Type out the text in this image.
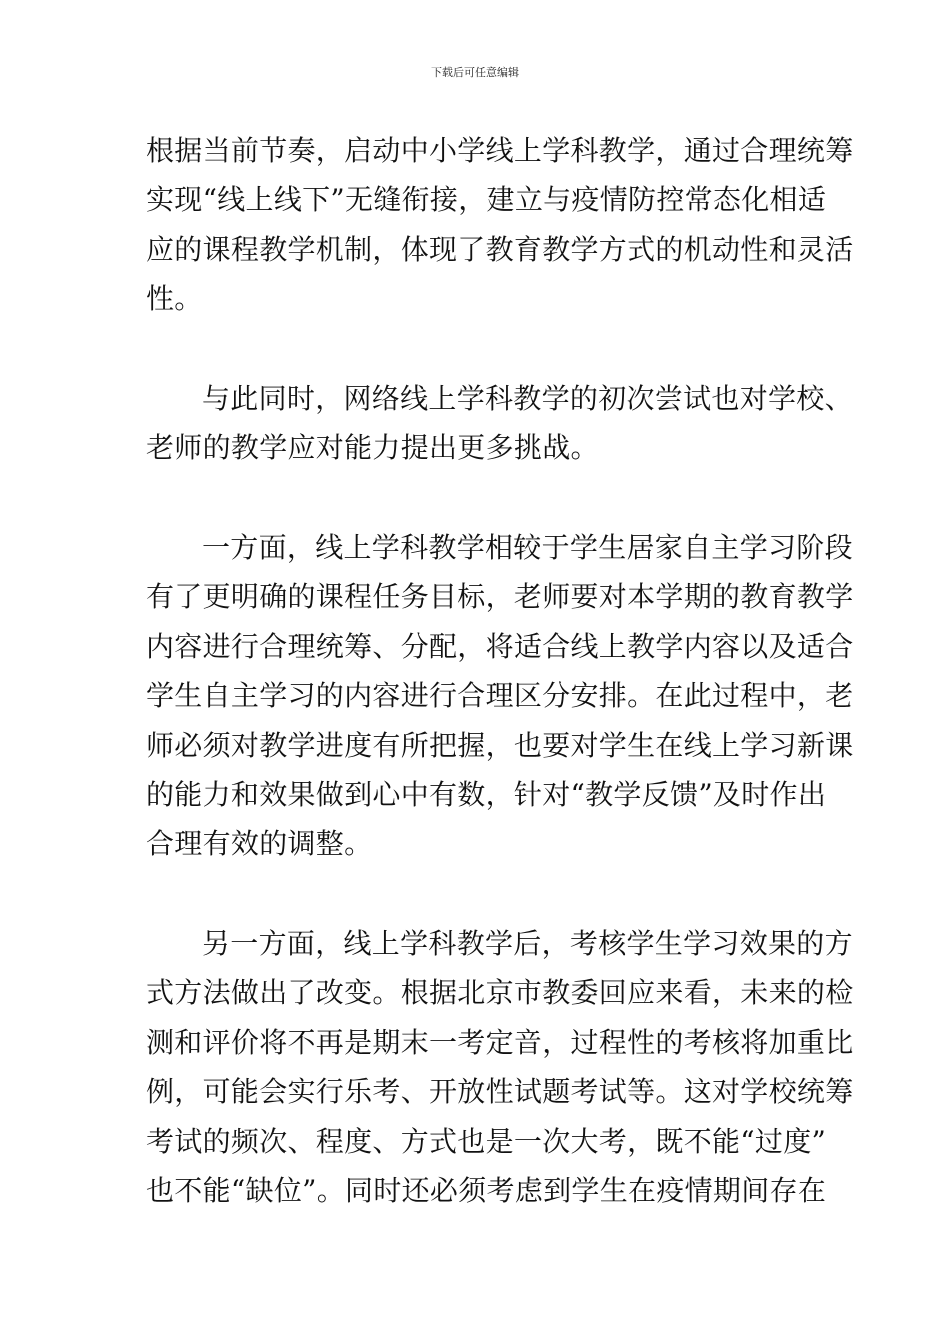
下载后可任意编辑
根据当前节奏，启动中小学线上学科教学，通过合理统筹
实现“线上线下”无缝衔接，建立与疫情防控常态化相适
应的课程教学机制，体现了教育教学方式的机动性和灵活
性。
与此同时，网络线上学科教学的初次尝试也对学校、
老师的教学应对能力提出更多挑战。
一方面，线上学科教学相较于学生居家自主学习阶段
有了更明确的课程任务目标，老师要对本学期的教育教学
内容进行合理统筹、分配，将适合线上教学内容以及适合
学生自主学习的内容进行合理区分安排。在此过程中，老
师必须对教学进度有所把握，也要对学生在线上学习新课
的能力和效果做到心中有数，针对“教学反馈”及时作出
合理有效的调整。
另一方面，线上学科教学后，考核学生学习效果的方
式方法做出了改变。根据北京市教委回应来看，未来的检
测和评价将不再是期末一考定音，过程性的考核将加重比
例，可能会实行乐考、开放性试题考试等。这对学校统筹
考试的频次、程度、方式也是一次大考，既不能“过度”
也不能“缺位”。同时还必须考虑到学生在疫情期间存在
